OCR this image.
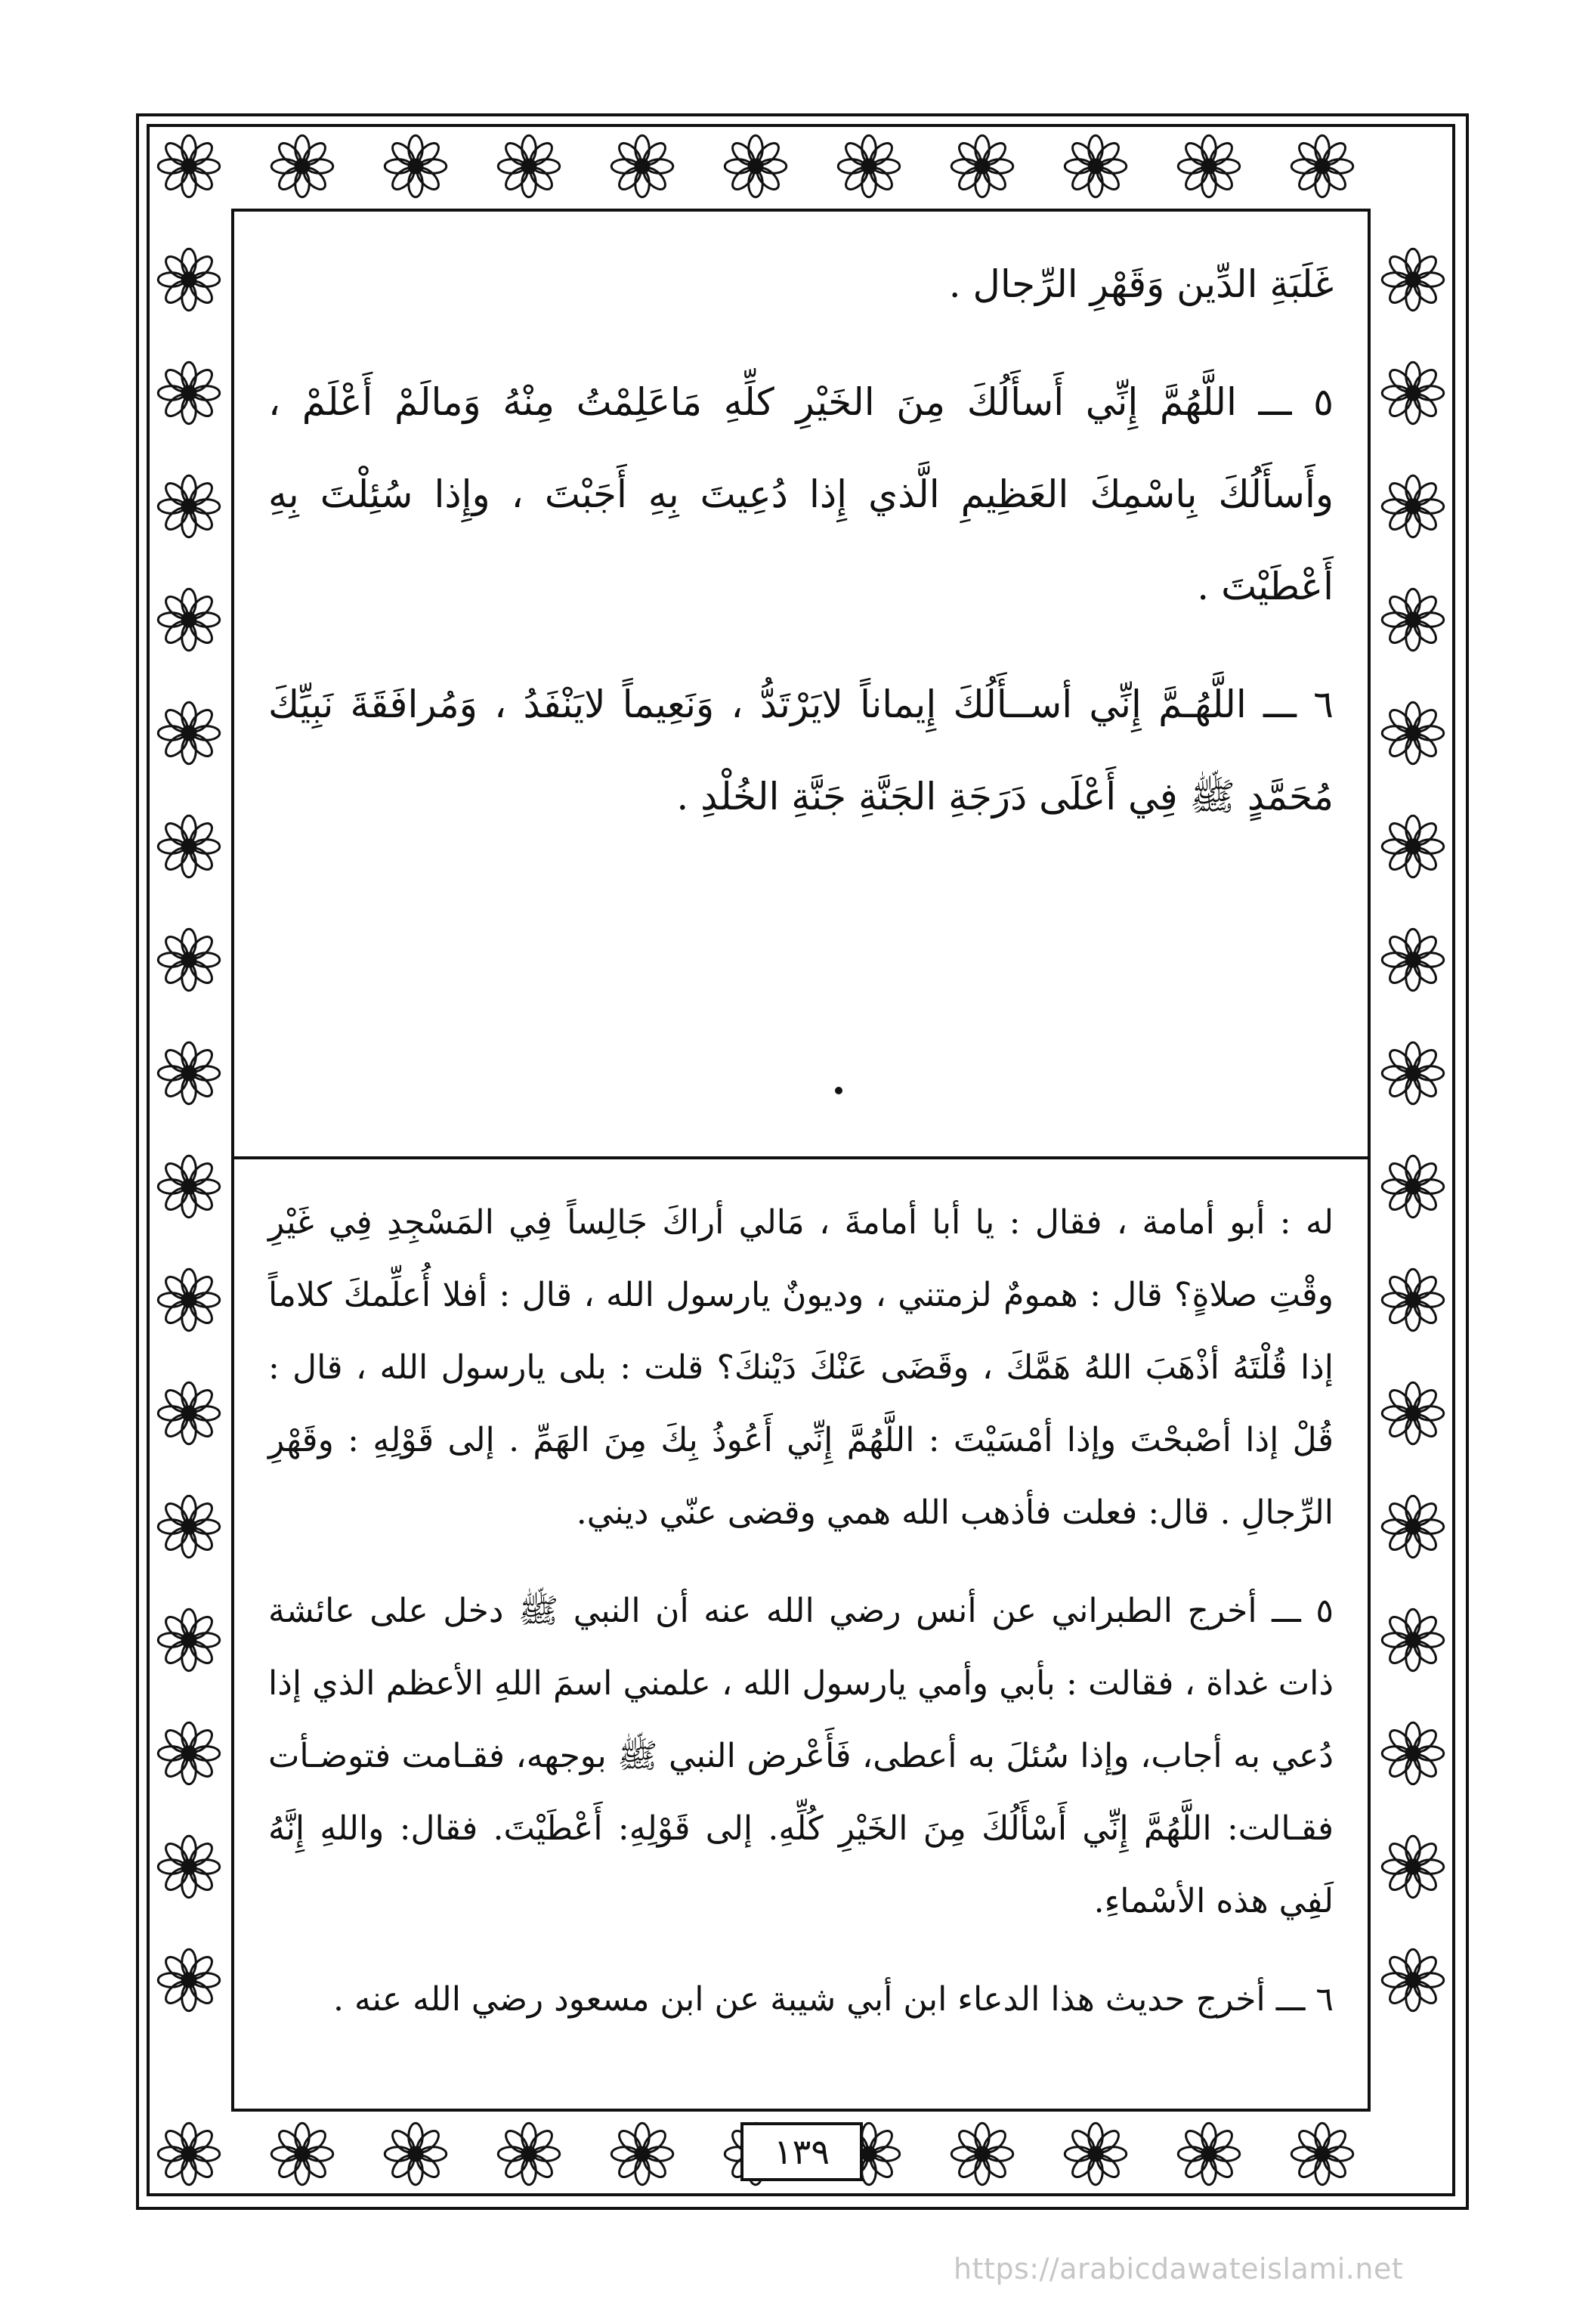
غَلَبَةِ الدِّين وَقَهْرِ الرِّجال .

٥ ـــ اللَّهُمَّ إِنِّي أَسأَلُكَ مِنَ الخَيْرِ كلِّهِ مَاعَلِمْتُ مِنْهُ وَمالَمْ أَعْلَمْ ، وأَسأَلُكَ بِاسْمِكَ العَظِيمِ الَّذي إِذا دُعِيتَ بِهِ أَجَبْتَ ، وإِذا سُئِلْتَ بِهِ أَعْطَيْتَ .

٦ ـــ اللَّهُـمَّ إِنِّي أســأَلُكَ إِيماناً لايَرْتَدُّ ، وَنَعِيماً لايَنْفَدُ ، وَمُرافَقَةَ نَبِيِّكَ مُحَمَّدٍ ﷺ فِي أَعْلَى دَرَجَةِ الجَنَّةِ جَنَّةِ الخُلْدِ .

له : أبو أمامة ، فقال : يا أبا أمامةَ ، مَالي أراكَ جَالِساً فِي المَسْجِدِ فِي غَيْرِ وقْتِ صلاةٍ؟ قال : همومٌ لزمتني ، وديونٌ يارسول الله ، قال : أفلا أُعلِّمكَ كلاماً إذا قُلْتَهُ أذْهَبَ اللهُ هَمَّكَ ، وقَضَى عَنْكَ دَيْنكَ؟ قلت : بلى يارسول الله ، قال : قُلْ إذا أصْبحْتَ وإذا أمْسَيْتَ : اللَّهُمَّ إِنِّي أَعُوذُ بِكَ مِنَ الهَمِّ . إلى قَوْلِهِ : وقَهْرِ الرِّجالِ . قال: فعلت فأذهب الله همي وقضى عنّي ديني.

٥ ـــ أخرج الطبراني عن أنس رضي الله عنه أن النبي ﷺ دخل على عائشة ذات غداة ، فقالت : بأبي وأمي يارسول الله ، علمني اسمَ اللهِ الأعظم الذي إذا دُعي به أجاب، وإذا سُئلَ به أعطى، فَأَعْرض النبي ﷺ بوجهه، فقـامت فتوضـأت فقـالت: اللَّهُمَّ إِنِّي أَسْأَلُكَ مِنَ الخَيْرِ كُلِّهِ. إلى قَوْلِهِ: أَعْطَيْتَ. فقال: واللهِ إِنَّهُ لَفِي هذه الأسْماءِ.

٦ ـــ أخرج حديث هذا الدعاء ابن أبي شيبة عن ابن مسعود رضي الله عنه .

١٣٩
https://arabicdawateislami.net
